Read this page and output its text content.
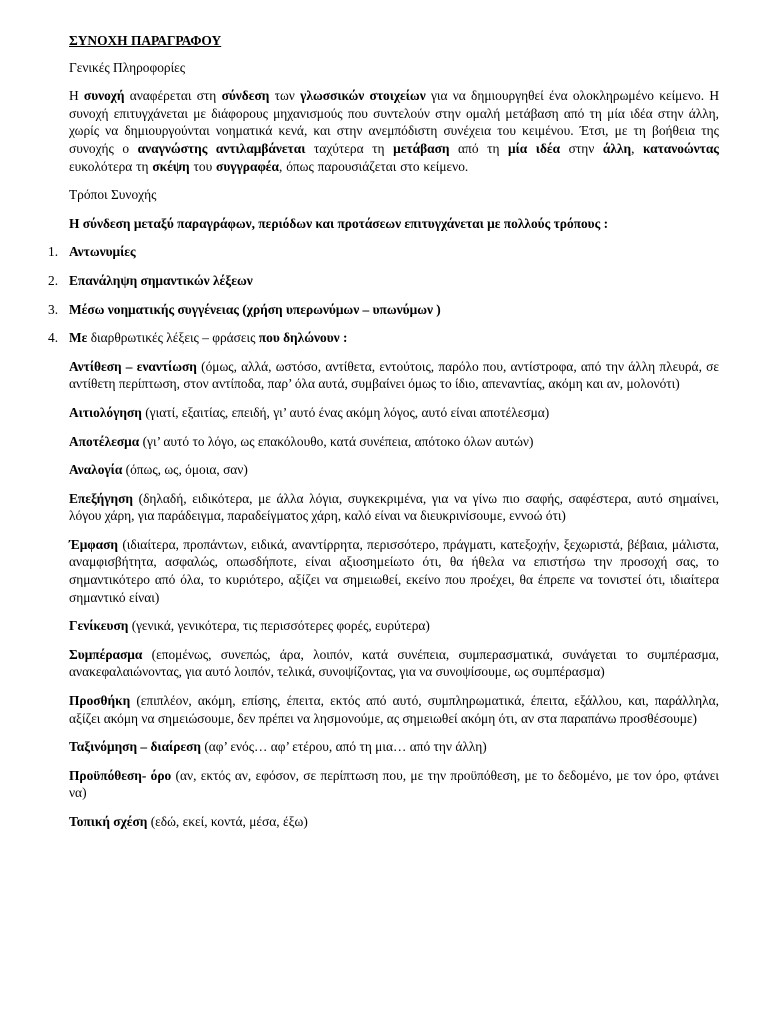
ΣΥΝΟΧΗ ΠΑΡΑΓΡΑΦΟΥ

Γενικές Πληροφορίες

Η συνοχή αναφέρεται στη σύνδεση των γλωσσικών στοιχείων για να δημιουργηθεί ένα ολοκληρωμένο κείμενο. Η συνοχή επιτυγχάνεται με διάφορους μηχανισμούς που συντελούν στην ομαλή μετάβαση από τη μία ιδέα στην άλλη, χωρίς να δημιουργούνται νοηματικά κενά, και στην ανεμπόδιστη συνέχεια του κειμένου. Έτσι, με τη βοήθεια της συνοχής ο αναγνώστης αντιλαμβάνεται ταχύτερα τη μετάβαση από τη μία ιδέα στην άλλη, κατανοώντας ευκολότερα τη σκέψη του συγγραφέα, όπως παρουσιάζεται στο κείμενο.

Τρόποι Συνοχής

Η σύνδεση μεταξύ παραγράφων, περιόδων και προτάσεων επιτυγχάνεται με πολλούς τρόπους :

1. Αντωνυμίες
2. Επανάληψη σημαντικών λέξεων
3. Μέσω νοηματικής συγγένειας (χρήση υπερωνύμων – υπωνύμων )
4. Με διαρθρωτικές λέξεις – φράσεις που δηλώνουν :

Αντίθεση – εναντίωση (όμως, αλλά, ωστόσο, αντίθετα, εντούτοις, παρόλο που, αντίστροφα, από την άλλη πλευρά, σε αντίθετη περίπτωση, στον αντίποδα, παρ’ όλα αυτά, συμβαίνει όμως το ίδιο, απεναντίας, ακόμη και αν, μολονότι)

Αιτιολόγηση (γιατί, εξαιτίας, επειδή, γι’ αυτό ένας ακόμη λόγος, αυτό είναι αποτέλεσμα)

Αποτέλεσμα (γι’ αυτό το λόγο, ως επακόλουθο, κατά συνέπεια, απότοκο όλων αυτών)

Αναλογία (όπως, ως, όμοια, σαν)

Επεξήγηση (δηλαδή, ειδικότερα, με άλλα λόγια, συγκεκριμένα, για να γίνω πιο σαφής, σαφέστερα, αυτό σημαίνει, λόγου χάρη, για παράδειγμα, παραδείγματος χάρη, καλό είναι να διευκρινίσουμε, εννοώ ότι)

Έμφαση (ιδιαίτερα, προπάντων, ειδικά, αναντίρρητα, περισσότερο, πράγματι, κατεξοχήν, ξεχωριστά, βέβαια, μάλιστα, αναμφισβήτητα, ασφαλώς, οπωσδήποτε, είναι αξιοσημείωτο ότι, θα ήθελα να επιστήσω την προσοχή σας, το σημαντικότερο από όλα, το κυριότερο, αξίζει να σημειωθεί, εκείνο που προέχει, θα έπρεπε να τονιστεί ότι, ιδιαίτερα σημαντικό είναι)

Γενίκευση (γενικά, γενικότερα, τις περισσότερες φορές, ευρύτερα)

Συμπέρασμα (επομένως, συνεπώς, άρα, λοιπόν, κατά συνέπεια, συμπερασματικά, συνάγεται το συμπέρασμα, ανακεφαλαιώνοντας, για αυτό λοιπόν, τελικά, συνοψίζοντας, για να συνοψίσουμε, ως συμπέρασμα)

Προσθήκη (επιπλέον, ακόμη, επίσης, έπειτα, εκτός από αυτό, συμπληρωματικά, έπειτα, εξάλλου, και, παράλληλα, αξίζει ακόμη να σημειώσουμε, δεν πρέπει να λησμονούμε, ας σημειωθεί ακόμη ότι, αν στα παραπάνω προσθέσουμε)

Ταξινόμηση – διαίρεση (αφ’ ενός… αφ’ ετέρου, από τη μια… από την άλλη)

Προϋπόθεση- όρο (αν, εκτός αν, εφόσον, σε περίπτωση που, με την προϋπόθεση, με το δεδομένο, με τον όρο, φτάνει να)

Τοπική σχέση (εδώ, εκεί, κοντά, μέσα, έξω)
